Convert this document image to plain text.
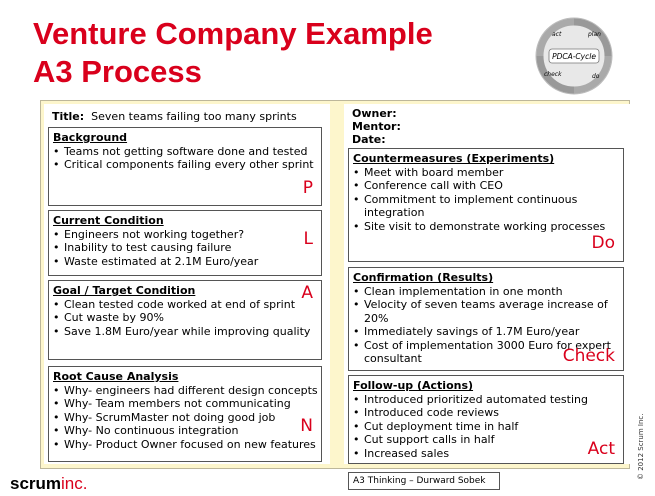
Venture Company Example
A3 Process	PDCA-Cycle
act	plan
check	do
Title: Seven teams failing too many sprints	Owner:
Mentor:
Date:
Background
• Teams not getting software done and tested
• Critical components failing every other sprint
P
Current Condition
• Engineers not working together?
• Inability to test causing failure
• Waste estimated at 2.1M Euro/year
L
Goal / Target Condition
• Clean tested code worked at end of sprint
• Cut waste by 90%
• Save 1.8M Euro/year while improving quality
A
Root Cause Analysis
• Why- engineers had different design concepts
• Why- Team members not communicating
• Why- ScrumMaster not doing good job
• Why- No continuous integration
• Why- Product Owner focused on new features
N
Countermeasures (Experiments)
• Meet with board member
• Conference call with CEO
• Commitment to implement continuous integration
• Site visit to demonstrate working processes
Do
Confirmation (Results)
• Clean implementation in one month
• Velocity of seven teams average increase of 20%
• Immediately savings of 1.7M Euro/year
• Cost of implementation 3000 Euro for expert consultant	Check
Follow-up (Actions)
• Introduced prioritized automated testing
• Introduced code reviews
• Cut deployment time in half
• Cut support calls in half
• Increased sales	Act
A3 Thinking – Durward Sobek
scruminc.
© 2012 Scrum Inc.
